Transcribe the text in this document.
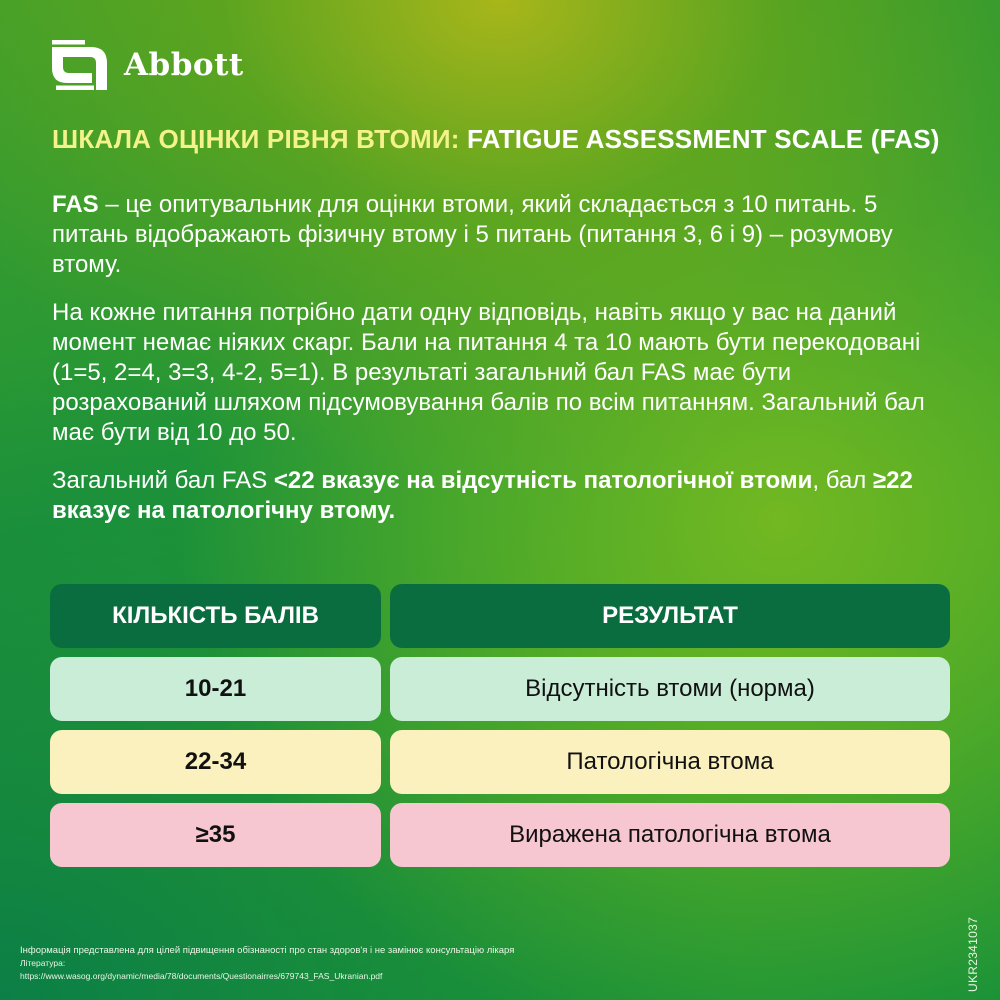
Abbott
ШКАЛА ОЦІНКИ РІВНЯ ВТОМИ: FATIGUE ASSESSMENT SCALE (FAS)

FAS – це опитувальник для оцінки втоми, який складається з 10 питань. 5 питань відображають фізичну втому і 5 питань (питання 3, 6 і 9) – розумову втому.

На кожне питання потрібно дати одну відповідь, навіть якщо у вас на даний момент немає ніяких скарг. Бали на питання 4 та 10 мають бути перекодовані (1=5, 2=4, 3=3, 4-2, 5=1). В результаті загальний бал FAS має бути розрахований шляхом підсумовування балів по всім питанням. Загальний бал має бути від 10 до 50.

Загальний бал FAS <22 вказує на відсутність патологічної втоми, бал ≥22 вказує на патологічну втому.

КІЛЬКІСТЬ БАЛІВ	РЕЗУЛЬТАТ
10-21	Відсутність втоми (норма)
22-34	Патологічна втома
≥35	Виражена патологічна втома
Інформація представлена для цілей підвищення обізнаності про стан здоров'я і не замінює консультацію лікаря
Література:
https://www.wasog.org/dynamic/media/78/documents/Questionairres/679743_FAS_Ukranian.pdf	UKR2341037
